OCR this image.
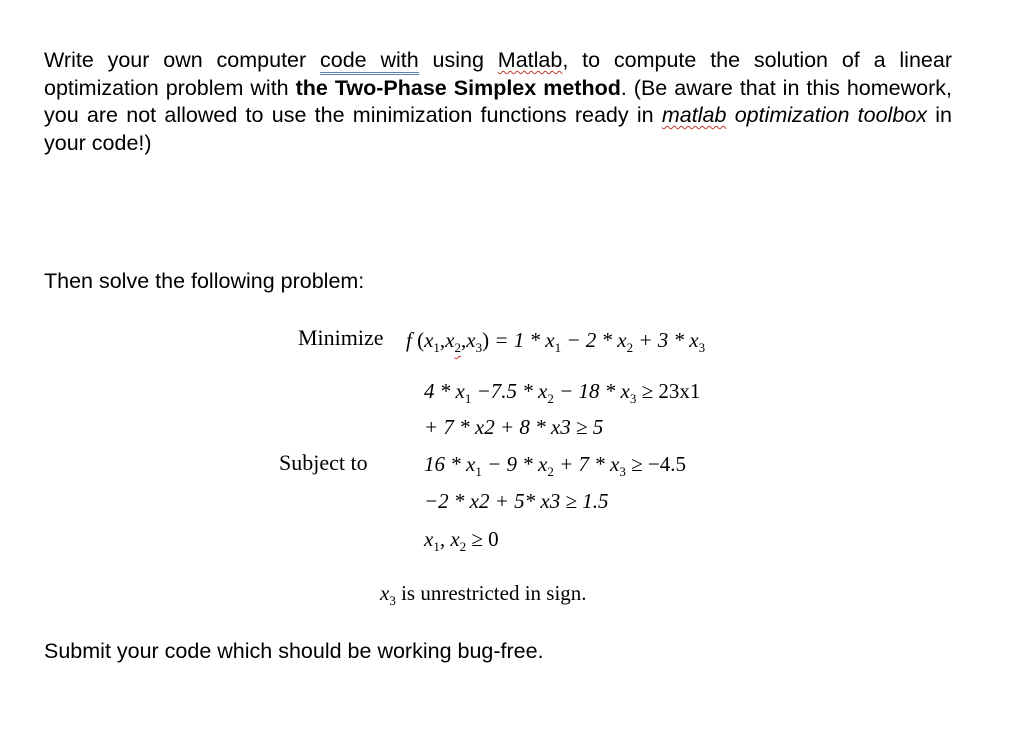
Write your own computer code with using Matlab, to compute the solution of a linear optimization problem with the Two-Phase Simplex method. (Be aware that in this homework, you are not allowed to use the minimization functions ready in matlab optimization toolbox in your code!)

Then solve the following problem:

Minimize f $(x_1,x_2,x_3) = 1 * x_1 - 2 * x_2 + 3 * x_3$
$4 * x_1 -7.5 * x_2 - 18 * x_3 \ge 23x1$
+ 7 * x2 + 8 * x3 ≥ 5
Subject to	$16 * x_1 - 9 * x_2 + 7 * x_3 \ge -4.5$
−2 * x2 + 5* x3 ≥ 1.5
$x_1$, $x_2 \ge 0$
$x_3$ is unrestricted in sign.

Submit your code which should be working bug-free.
